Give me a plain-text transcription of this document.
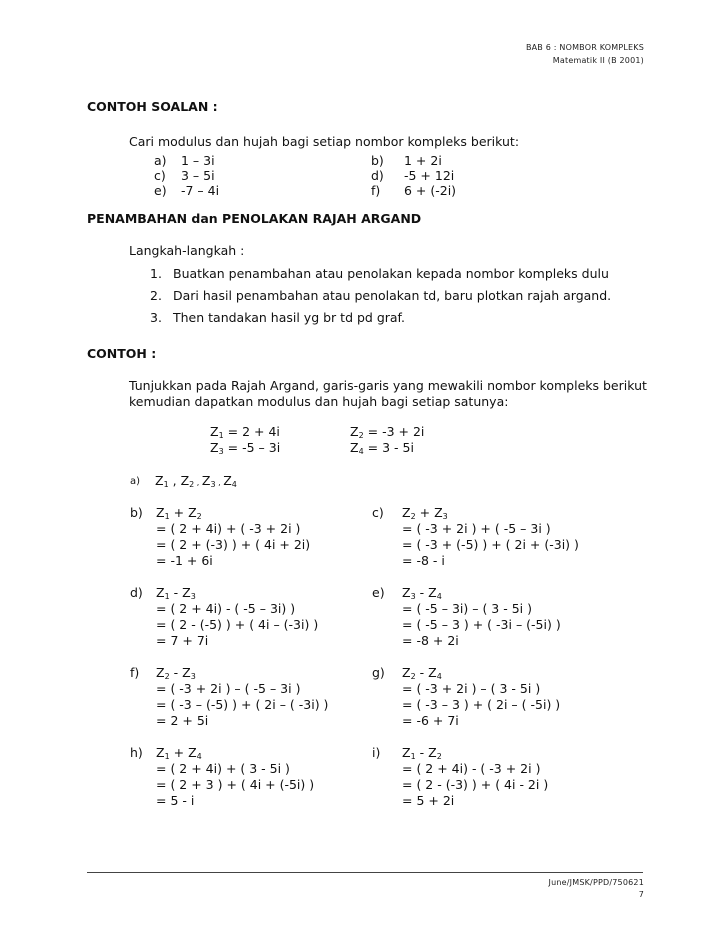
BAB 6 : NOMBOR KOMPLEKS
Matematik II (B 2001)
CONTOH SOALAN :
Cari modulus dan hujah bagi setiap nombor kompleks berikut:
a) 1 – 3i	b) 1 + 2i
c) 3 – 5i	d) -5 + 12i
e) -7 – 4i	f) 6 + (-2i)
PENAMBAHAN dan PENOLAKAN RAJAH ARGAND
Langkah-langkah :
1. Buatkan penambahan atau penolakan kepada nombor kompleks dulu
2. Dari hasil penambahan atau penolakan td, baru plotkan rajah argand.
3. Then tandakan hasil yg br td pd graf.
CONTOH :
Tunjukkan pada Rajah Argand, garis-garis yang mewakili nombor kompleks berikut
kemudian dapatkan modulus dan hujah bagi setiap satunya:
$Z_1 = 2 + 4i$	$Z_2 = -3 + 2i$
$Z_3 = -5 - 3i$	$Z_4 = 3 - 5i$
a) $Z_1$ , $Z_2$ , $Z_3$ , $Z_4$
b) $Z_1 + Z_2$
= ( 2 + 4i) + ( -3 + 2i )
= ( 2 + (-3) ) + ( 4i + 2i)
= -1 + 6i
c) $Z_2 + Z_3$
= ( -3 + 2i ) + ( -5 – 3i )
= ( -3 + (-5) ) + ( 2i + (-3i) )
= -8 - i
d) $Z_1 - Z_3$
= ( 2 + 4i) - ( -5 – 3i) )
= ( 2 - (-5) ) + ( 4i – (-3i) )
= 7 + 7i
e) $Z_3 - Z_4$
= ( -5 – 3i) – ( 3 - 5i )
= ( -5 – 3 ) + ( -3i – (-5i) )
= -8 + 2i
f) $Z_2 - Z_3$
= ( -3 + 2i ) – ( -5 – 3i )
= ( -3 – (-5) ) + ( 2i – ( -3i) )
= 2 + 5i
g) $Z_2 - Z_4$
= ( -3 + 2i ) – ( 3 - 5i )
= ( -3 – 3 ) + ( 2i – ( -5i) )
= -6 + 7i
h) $Z_1 + Z_4$
= ( 2 + 4i) + ( 3 - 5i )
= ( 2 + 3 ) + ( 4i + (-5i) )
= 5 - i
i) $Z_1 - Z_2$
= ( 2 + 4i) - ( -3 + 2i )
= ( 2 - (-3) ) + ( 4i - 2i )
= 5 + 2i
June/JMSK/PPD/750621
7
